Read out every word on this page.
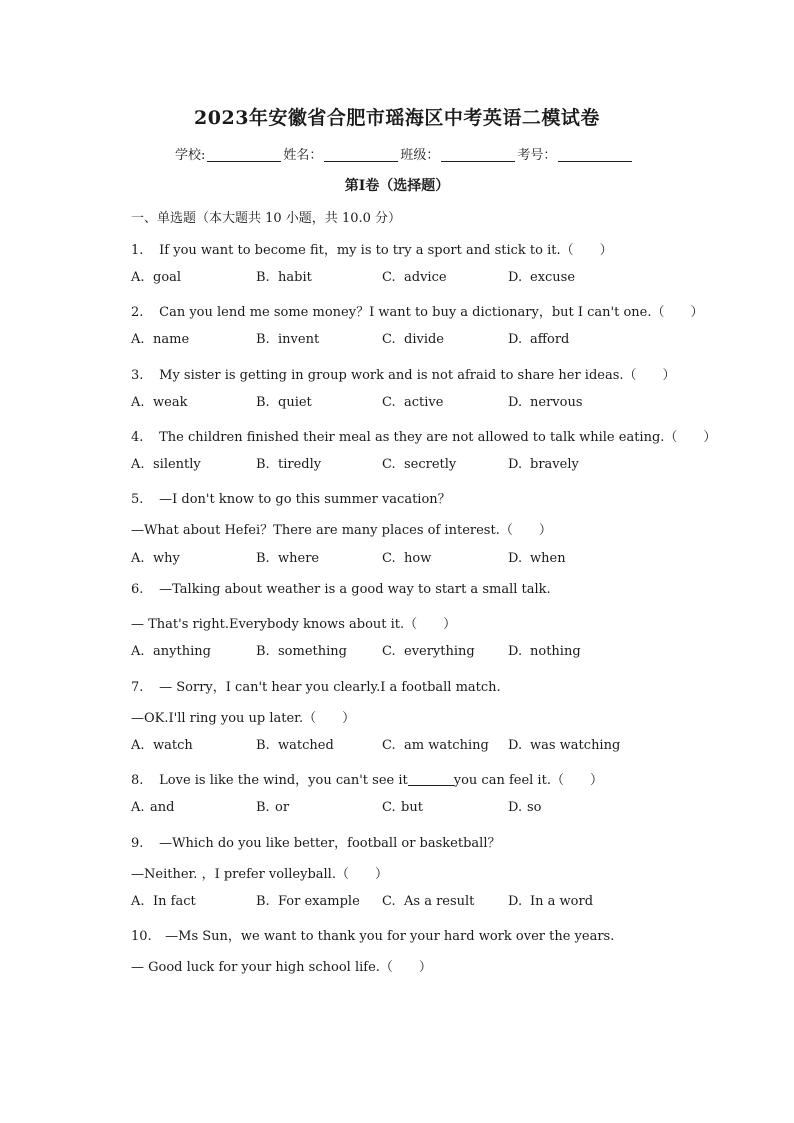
2023年安徽省合肥市瑶海区中考英语二模试卷
学校:	姓名：	班级：	考号：
第Ⅰ卷（选择题）
一、单选题（本大题共 10 小题，共 10.0 分）
1. If you want to become fit，my is to try a sport and stick to it.（　　）
A. goal	B. habit	C. advice	D. excuse
2. Can you lend me some money？I want to buy a dictionary，but I can't one.（　　）
A. name	B. invent	C. divide	D. afford
3. My sister is getting in group work and is not afraid to share her ideas.（　　）
A. weak	B. quiet	C. active	D. nervous
4. The children finished their meal as they are not allowed to talk while eating.（　　）
A. silently	B. tiredly	C. secretly	D. bravely
5. —I don't know to go this summer vacation？
—What about Hefei？There are many places of interest.（　　）
A. why	B. where	C. how	D. when
6. —Talking about weather is a good way to start a small talk.
— That's right.Everybody knows about it.（　　）
A. anything	B. something	C. everything	D. nothing
7. — Sorry，I can't hear you clearly.I a football match.
—OK.I'll ring you up later.（　　）
A. watch	B. watched	C. am watching D. was watching
8. Love is like the wind，you can't see it	you can feel it.（　　）
A. and	B. or	C. but	D. so
9. —Which do you like better，football or basketball？
—Neither. ，I prefer volleyball.（　　）
A. In fact	B. For example C. As a result	D. In a word
10. —Ms Sun，we want to thank you for your hard work over the years.
— Good luck for your high school life.（　　）
